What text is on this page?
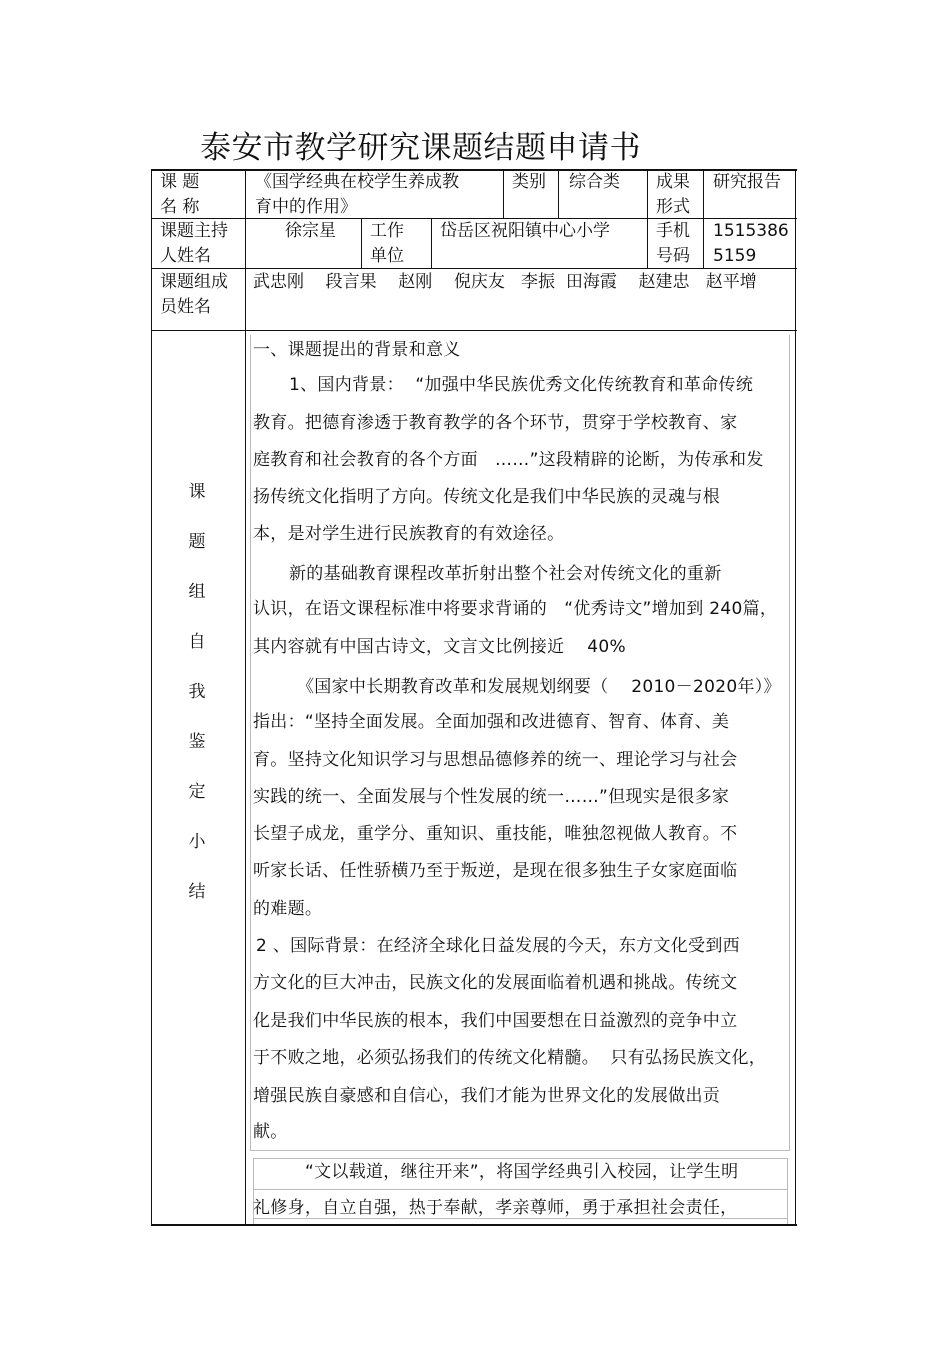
泰安市教学研究课题结题申请书
课 题
名 称
《国学经典在校学生养成教
育中的作用》
类别 综合类 成果
形式
研究报告
课题主持
人姓名
徐宗星 工作
单位
岱岳区祝阳镇中心小学	手机
号码
1515386
5159
课题组成
员姓名
武忠刚    段言果    赵刚    倪庆友   李振  田海霞    赵建忠   赵平增
课
题
组
自
我
鉴
定
小
结
一、课题提出的背景和意义
1、国内背景：  “加强中华民族优秀文化传统教育和革命传统
教育。把德育渗透于教育教学的各个环节，贯穿于学校教育、家
庭教育和社会教育的各个方面   ……”这段精辟的论断，为传承和发
扬传统文化指明了方向。传统文化是我们中华民族的灵魂与根
本，是对学生进行民族教育的有效途径。
新的基础教育课程改革折射出整个社会对传统文化的重新
认识，在语文课程标准中将要求背诵的   “优秀诗文”增加到 240篇，
其内容就有中国古诗文，文言文比例接近    40%
《国家中长期教育改革和发展规划纲要（    2010－2020年）》
指出：“坚持全面发展。全面加强和改进德育、智育、体育、美
育。坚持文化知识学习与思想品德修养的统一、理论学习与社会
实践的统一、全面发展与个性发展的统一……”但现实是很多家
长望子成龙，重学分、重知识、重技能，唯独忽视做人教育。不
听家长话、任性骄横乃至于叛逆，是现在很多独生子女家庭面临
的难题。
2 、国际背景：在经济全球化日益发展的今天，东方文化受到西
方文化的巨大冲击，民族文化的发展面临着机遇和挑战。传统文
化是我们中华民族的根本，我们中国要想在日益激烈的竞争中立
于不败之地，必须弘扬我们的传统文化精髓。  只有弘扬民族文化，
增强民族自豪感和自信心，我们才能为世界文化的发展做出贡
献。
“文以载道，继往开来”，将国学经典引入校园，让学生明
礼修身，自立自强，热于奉献，孝亲尊师，勇于承担社会责任，
